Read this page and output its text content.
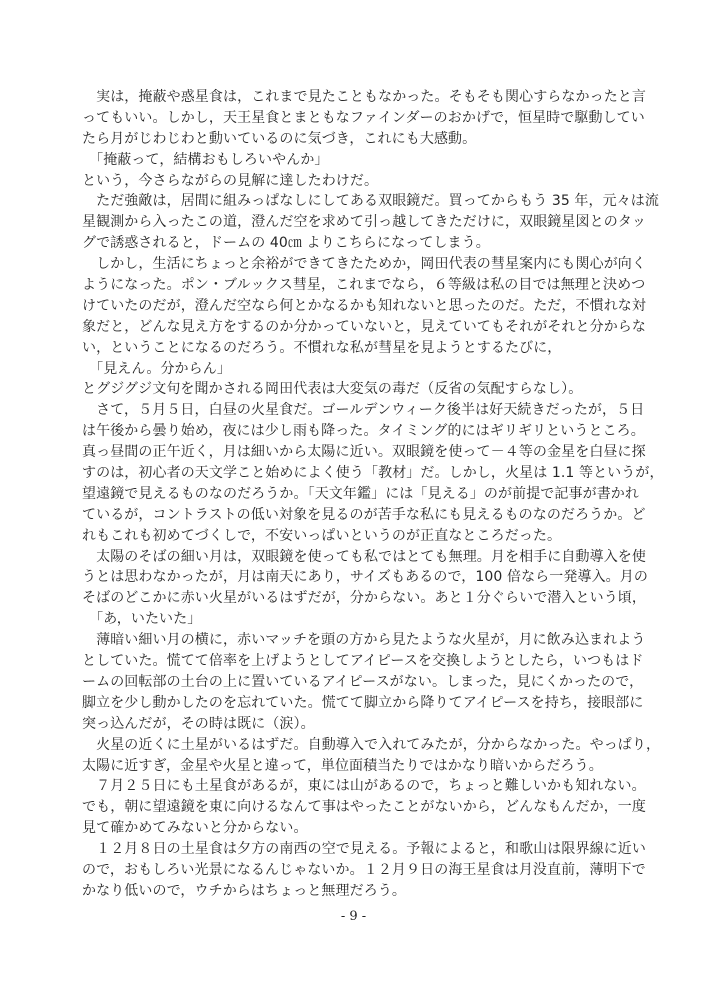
　実は，掩蔽や惑星食は，これまで見たこともなかった。そもそも関心すらなかったと言
ってもいい。しかし，天王星食とまともなファインダーのおかげで，恒星時で駆動してい
たら月がじわじわと動いているのに気づき，これにも大感動。
　「掩蔽って，結構おもしろいやんか」
という，今さらながらの見解に達したわけだ。
　ただ強敵は，居間に組みっぱなしにしてある双眼鏡だ。買ってからもう 35 年，元々は流
星観測から入ったこの道，澄んだ空を求めて引っ越してきただけに，双眼鏡星図とのタッ
グで誘惑されると，ドームの 40㎝ よりこちらになってしまう。
　しかし，生活にちょっと余裕ができてきたためか，岡田代表の彗星案内にも関心が向く
ようになった。ポン・ブルックス彗星，これまでなら，６等級は私の目では無理と決めつ
けていたのだが，澄んだ空なら何とかなるかも知れないと思ったのだ。ただ，不慣れな対
象だと，どんな見え方をするのか分かっていないと，見えていてもそれがそれと分からな
い，ということになるのだろう。不慣れな私が彗星を見ようとするたびに，
　「見えん。分からん」
とグジグジ文句を聞かされる岡田代表は大変気の毒だ（反省の気配すらなし）。
　さて，５月５日，白昼の火星食だ。ゴールデンウィーク後半は好天続きだったが，５日
は午後から曇り始め，夜には少し雨も降った。タイミング的にはギリギリというところ。
真っ昼間の正午近く，月は細いから太陽に近い。双眼鏡を使って－４等の金星を白昼に探
すのは，初心者の天文学こと始めによく使う「教材」だ。しかし，火星は 1.1 等というが，
望遠鏡で見えるものなのだろうか。「天文年鑑」には「見える」のが前提で記事が書かれ
ているが，コントラストの低い対象を見るのが苦手な私にも見えるものなのだろうか。ど
れもこれも初めてづくしで，不安いっぱいというのが正直なところだった。
　太陽のそばの細い月は，双眼鏡を使っても私ではとても無理。月を相手に自動導入を使
うとは思わなかったが，月は南天にあり，サイズもあるので，100 倍なら一発導入。月の
そばのどこかに赤い火星がいるはずだが，分からない。あと１分ぐらいで潜入という頃，
　「あ，いたいた」
　薄暗い細い月の横に，赤いマッチを頭の方から見たような火星が，月に飲み込まれよう
としていた。慌てて倍率を上げようとしてアイピースを交換しようとしたら，いつもはド
ームの回転部の土台の上に置いているアイピースがない。しまった，見にくかったので，
脚立を少し動かしたのを忘れていた。慌てて脚立から降りてアイピースを持ち，接眼部に
突っ込んだが，その時は既に（涙）。
　火星の近くに土星がいるはずだ。自動導入で入れてみたが，分からなかった。やっぱり，
太陽に近すぎ，金星や火星と違って，単位面積当たりではかなり暗いからだろう。
　７月２５日にも土星食があるが，東には山があるので，ちょっと難しいかも知れない。
でも，朝に望遠鏡を東に向けるなんて事はやったことがないから，どんなもんだか，一度
見て確かめてみないと分からない。
　１２月８日の土星食は夕方の南西の空で見える。予報によると，和歌山は限界線に近い
ので，おもしろい光景になるんじゃないか。１２月９日の海王星食は月没直前，薄明下で
かなり低いので，ウチからはちょっと無理だろう。
- 9 -
